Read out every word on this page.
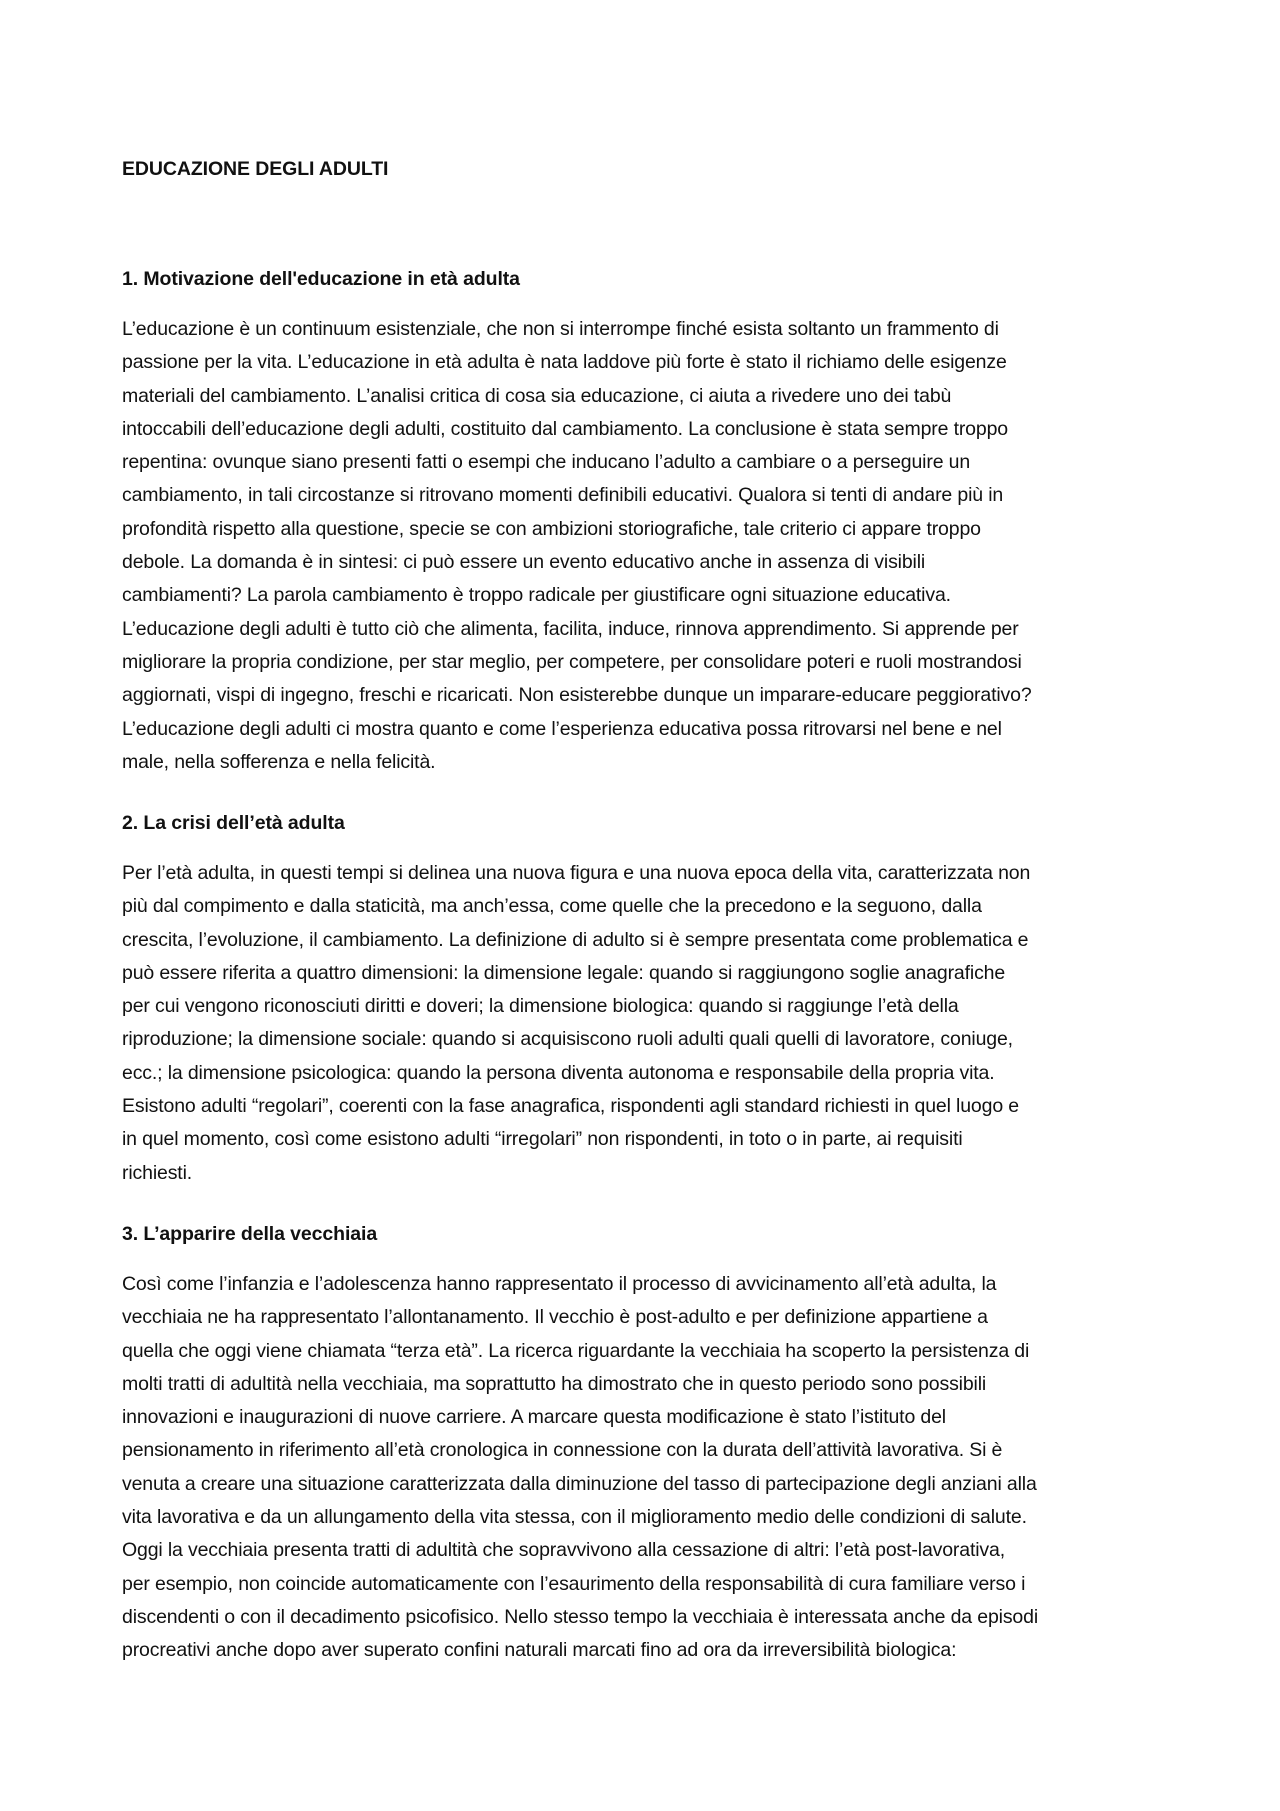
EDUCAZIONE DEGLI ADULTI
1. Motivazione dell'educazione in età adulta
L’educazione è un continuum esistenziale, che non si interrompe finché esista soltanto un frammento di
passione per la vita. L’educazione in età adulta è nata laddove più forte è stato il richiamo delle esigenze
materiali del cambiamento. L’analisi critica di cosa sia educazione, ci aiuta a rivedere uno dei tabù
intoccabili dell’educazione degli adulti, costituito dal cambiamento. La conclusione è stata sempre troppo
repentina: ovunque siano presenti fatti o esempi che inducano l’adulto a cambiare o a perseguire un
cambiamento, in tali circostanze si ritrovano momenti definibili educativi. Qualora si tenti di andare più in
profondità rispetto alla questione, specie se con ambizioni storiografiche, tale criterio ci appare troppo
debole. La domanda è in sintesi: ci può essere un evento educativo anche in assenza di visibili
cambiamenti? La parola cambiamento è troppo radicale per giustificare ogni situazione educativa.
L’educazione degli adulti è tutto ciò che alimenta, facilita, induce, rinnova apprendimento. Si apprende per
migliorare la propria condizione, per star meglio, per competere, per consolidare poteri e ruoli mostrandosi
aggiornati, vispi di ingegno, freschi e ricaricati. Non esisterebbe dunque un imparare-educare peggiorativo?
L’educazione degli adulti ci mostra quanto e come l’esperienza educativa possa ritrovarsi nel bene e nel
male, nella sofferenza e nella felicità.
2. La crisi dell’età adulta
Per l’età adulta, in questi tempi si delinea una nuova figura e una nuova epoca della vita, caratterizzata non
più dal compimento e dalla staticità, ma anch’essa, come quelle che la precedono e la seguono, dalla
crescita, l’evoluzione, il cambiamento. La definizione di adulto si è sempre presentata come problematica e
può essere riferita a quattro dimensioni: la dimensione legale: quando si raggiungono soglie anagrafiche
per cui vengono riconosciuti diritti e doveri; la dimensione biologica: quando si raggiunge l’età della
riproduzione; la dimensione sociale: quando si acquisiscono ruoli adulti quali quelli di lavoratore, coniuge,
ecc.; la dimensione psicologica: quando la persona diventa autonoma e responsabile della propria vita.
Esistono adulti “regolari”, coerenti con la fase anagrafica, rispondenti agli standard richiesti in quel luogo e
in quel momento, così come esistono adulti “irregolari” non rispondenti, in toto o in parte, ai requisiti
richiesti.
3. L’apparire della vecchiaia
Così come l’infanzia e l’adolescenza hanno rappresentato il processo di avvicinamento all’età adulta, la
vecchiaia ne ha rappresentato l’allontanamento. Il vecchio è post-adulto e per definizione appartiene a
quella che oggi viene chiamata “terza età”. La ricerca riguardante la vecchiaia ha scoperto la persistenza di
molti tratti di adultità nella vecchiaia, ma soprattutto ha dimostrato che in questo periodo sono possibili
innovazioni e inaugurazioni di nuove carriere. A marcare questa modificazione è stato l’istituto del
pensionamento in riferimento all’età cronologica in connessione con la durata dell’attività lavorativa. Si è
venuta a creare una situazione caratterizzata dalla diminuzione del tasso di partecipazione degli anziani alla
vita lavorativa e da un allungamento della vita stessa, con il miglioramento medio delle condizioni di salute.
Oggi la vecchiaia presenta tratti di adultità che sopravvivono alla cessazione di altri: l’età post-lavorativa,
per esempio, non coincide automaticamente con l’esaurimento della responsabilità di cura familiare verso i
discendenti o con il decadimento psicofisico. Nello stesso tempo la vecchiaia è interessata anche da episodi
procreativi anche dopo aver superato confini naturali marcati fino ad ora da irreversibilità biologica:
